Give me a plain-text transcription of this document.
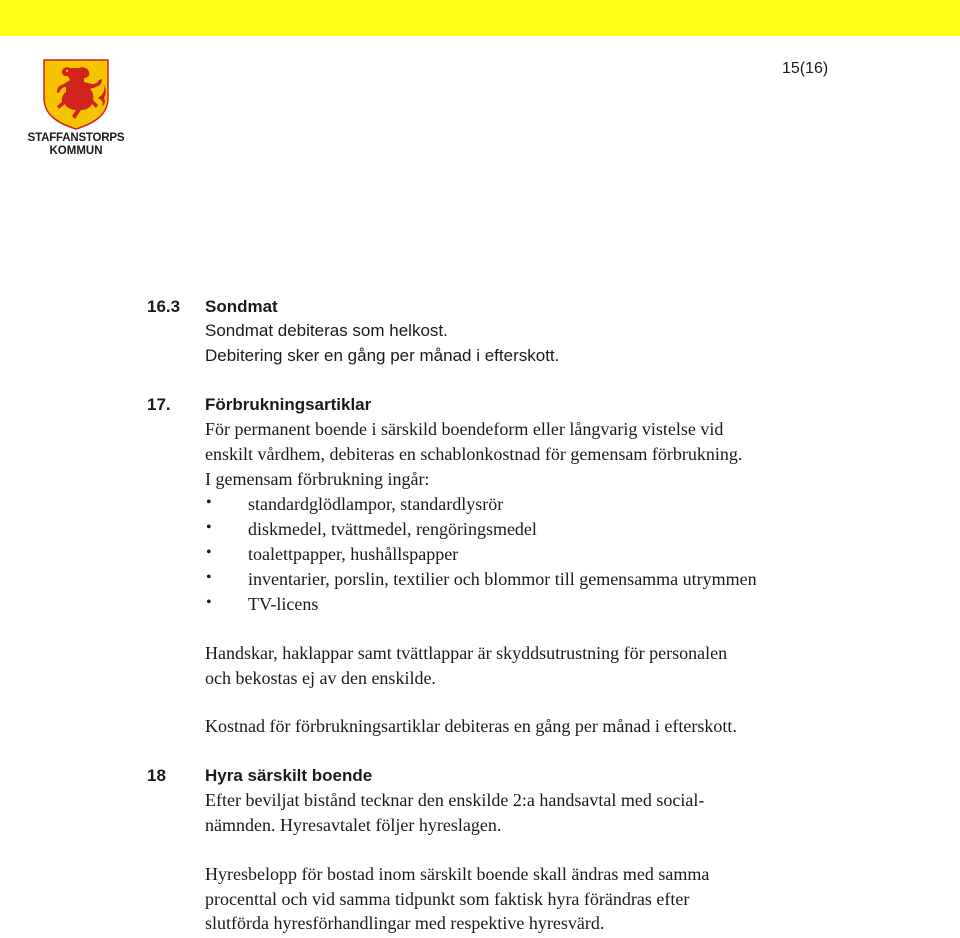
15(16)
STAFFANSTORPS
KOMMUN
16.3 Sondmat
Sondmat debiteras som helkost.
Debitering sker en gång per månad i efterskott.
17. Förbrukningsartiklar
För permanent boende i särskild boendeform eller långvarig vistelse vid
enskilt vårdhem, debiteras en schablonkostnad för gemensam förbrukning.
I gemensam förbrukning ingår:
• standardglödlampor, standardlysrör
• diskmedel, tvättmedel, rengöringsmedel
• toalettpapper, hushållspapper
• inventarier, porslin, textilier och blommor till gemensamma utrymmen
• TV-licens
Handskar, haklappar samt tvättlappar är skyddsutrustning för personalen
och bekostas ej av den enskilde.
Kostnad för förbrukningsartiklar debiteras en gång per månad i efterskott.
18 Hyra särskilt boende
Efter beviljat bistånd tecknar den enskilde 2:a handsavtal med social-
nämnden. Hyresavtalet följer hyreslagen.
Hyresbelopp för bostad inom särskilt boende skall ändras med samma
procenttal och vid samma tidpunkt som faktisk hyra förändras efter
slutförda hyresförhandlingar med respektive hyresvärd.
